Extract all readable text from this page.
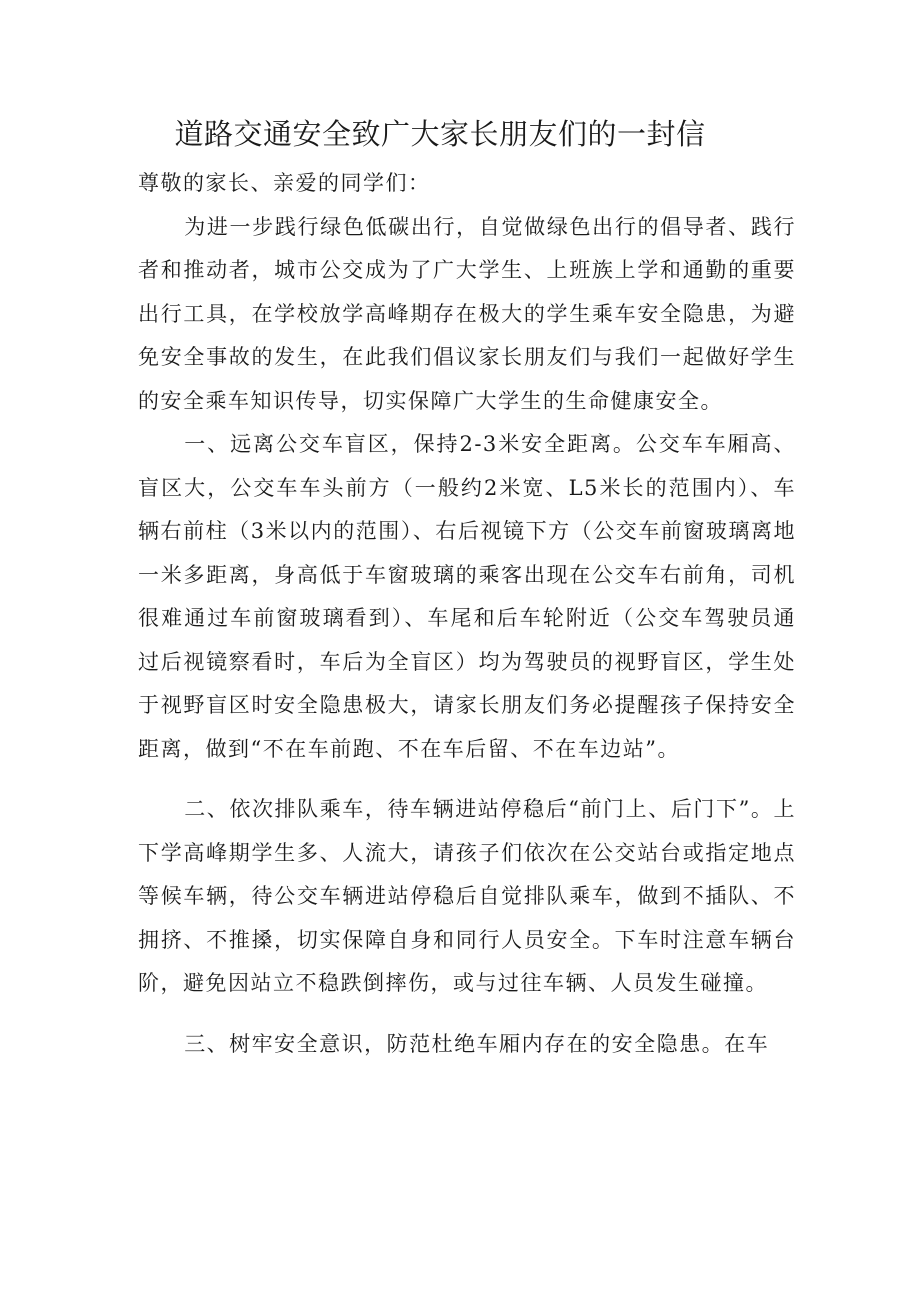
道路交通安全致广大家长朋友们的一封信

尊敬的家长、亲爱的同学们：

为进一步践行绿色低碳出行，自觉做绿色出行的倡导者、践行者和推动者，城市公交成为了广大学生、上班族上学和通勤的重要出行工具，在学校放学高峰期存在极大的学生乘车安全隐患，为避免安全事故的发生，在此我们倡议家长朋友们与我们一起做好学生的安全乘车知识传导，切实保障广大学生的生命健康安全。

一、远离公交车盲区，保持2-3米安全距离。公交车车厢高、盲区大，公交车车头前方（一般约2米宽、L5米长的范围内）、车辆右前柱（3米以内的范围）、右后视镜下方（公交车前窗玻璃离地一米多距离，身高低于车窗玻璃的乘客出现在公交车右前角，司机很难通过车前窗玻璃看到）、车尾和后车轮附近（公交车驾驶员通过后视镜察看时，车后为全盲区）均为驾驶员的视野盲区，学生处于视野盲区时安全隐患极大，请家长朋友们务必提醒孩子保持安全距离，做到“不在车前跑、不在车后留、不在车边站”。

二、依次排队乘车，待车辆进站停稳后“前门上、后门下”。上下学高峰期学生多、人流大，请孩子们依次在公交站台或指定地点等候车辆，待公交车辆进站停稳后自觉排队乘车，做到不插队、不拥挤、不推搡，切实保障自身和同行人员安全。下车时注意车辆台阶，避免因站立不稳跌倒摔伤，或与过往车辆、人员发生碰撞。

三、树牢安全意识，防范杜绝车厢内存在的安全隐患。在车
